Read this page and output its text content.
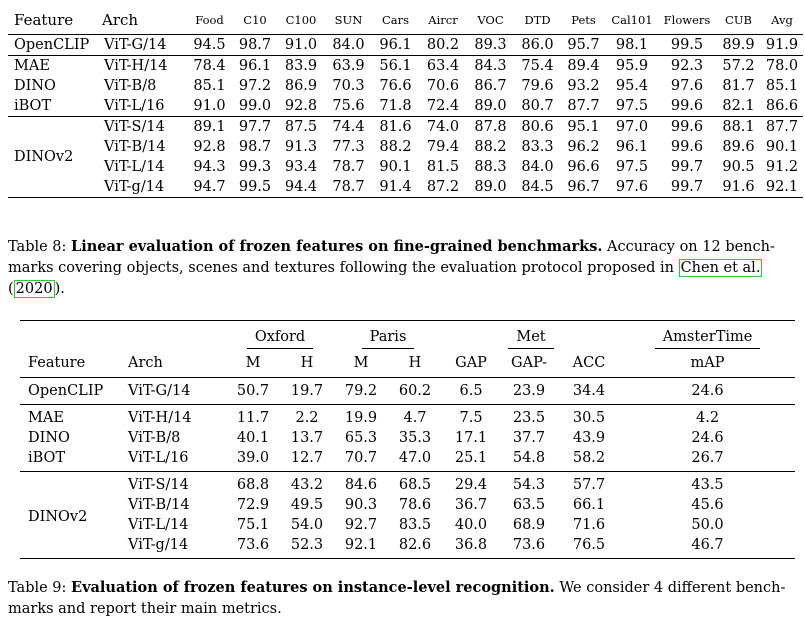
Feature	Arch	Food	C10	C100	SUN	Cars	Aircr	VOC	DTD	Pets	Cal101	Flowers	CUB	Avg
OpenCLIP	ViT-G/14	94.5	98.7	91.0	84.0	96.1	80.2	89.3	86.0	95.7	98.1	99.5	89.9	91.9
MAE	ViT-H/14	78.4	96.1	83.9	63.9	56.1	63.4	84.3	75.4	89.4	95.9	92.3	57.2	78.0
DINO	ViT-B/8	85.1	97.2	86.9	70.3	76.6	70.6	86.7	79.6	93.2	95.4	97.6	81.7	85.1
iBOT	ViT-L/16	91.0	99.0	92.8	75.6	71.8	72.4	89.0	80.7	87.7	97.5	99.6	82.1	86.6
DINOv2	ViT-S/14	89.1	97.7	87.5	74.4	81.6	74.0	87.8	80.6	95.1	97.0	99.6	88.1	87.7
	ViT-B/14	92.8	98.7	91.3	77.3	88.2	79.4	88.2	83.3	96.2	96.1	99.6	89.6	90.1
	ViT-L/14	94.3	99.3	93.4	78.7	90.1	81.5	88.3	84.0	96.6	97.5	99.7	90.5	91.2
	ViT-g/14	94.7	99.5	94.4	78.7	91.4	87.2	89.0	84.5	96.7	97.6	99.7	91.6	92.1
Table 8: Linear evaluation of frozen features on fine-grained benchmarks. Accuracy on 12 bench- marks covering objects, scenes and textures following the evaluation protocol proposed in Chen et al. ( 2020 ).
		Oxford		Paris		Met			AmsterTime
Feature	Arch	M	H	M	H	GAP	GAP-	ACC	mAP
OpenCLIP	ViT-G/14	50.7	19.7	79.2	60.2	6.5	23.9	34.4	24.6
MAE	ViT-H/14	11.7	2.2	19.9	4.7	7.5	23.5	30.5	4.2
DINO	ViT-B/8	40.1	13.7	65.3	35.3	17.1	37.7	43.9	24.6
iBOT	ViT-L/16	39.0	12.7	70.7	47.0	25.1	54.8	58.2	26.7
DINOv2	ViT-S/14	68.8	43.2	84.6	68.5	29.4	54.3	57.7	43.5
	ViT-B/14	72.9	49.5	90.3	78.6	36.7	63.5	66.1	45.6
	ViT-L/14	75.1	54.0	92.7	83.5	40.0	68.9	71.6	50.0
	ViT-g/14	73.6	52.3	92.1	82.6	36.8	73.6	76.5	46.7
Table 9: Evaluation of frozen features on instance-level recognition. We consider 4 different bench- marks and report their main metrics.
